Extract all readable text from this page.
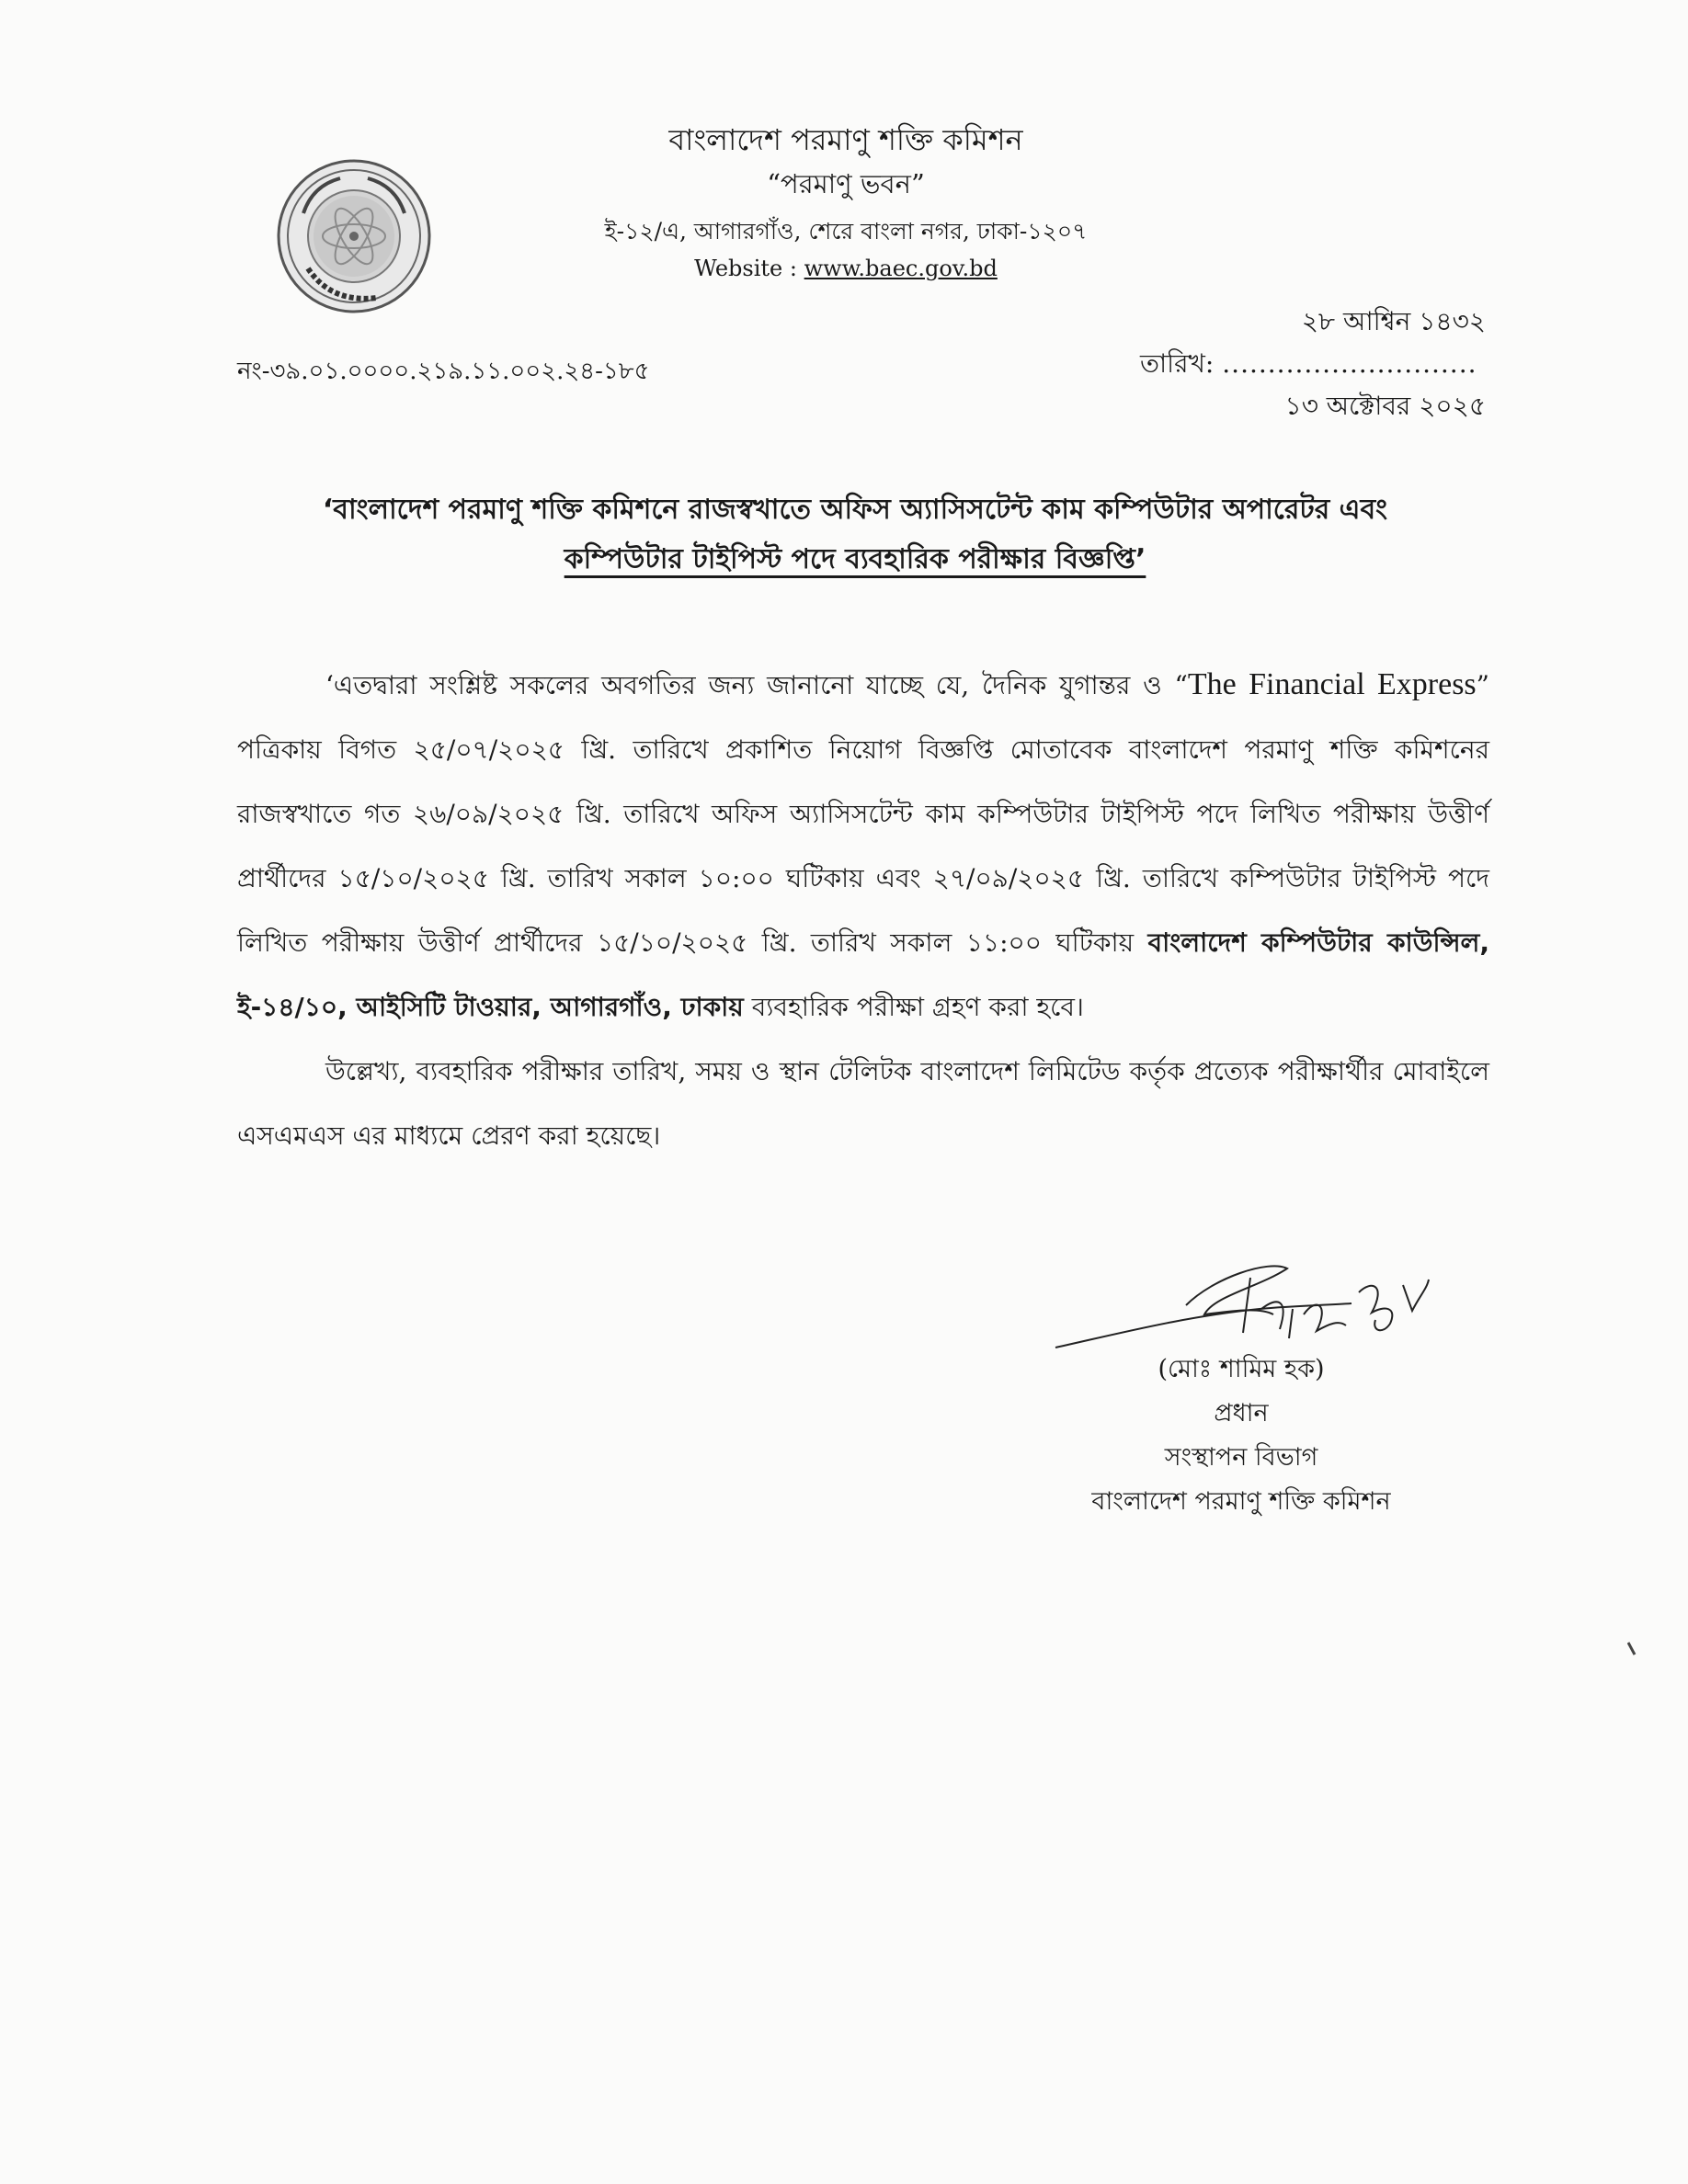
বাংলাদেশ পরমাণু শক্তি কমিশন

“পরমাণু ভবন”

ই-১২/এ, আগারগাঁও, শেরে বাংলা নগর, ঢাকা-১২০৭

Website : www.baec.gov.bd

নং-৩৯.০১.০০০০.২১৯.১১.০০২.২৪-১৮৫
২৮ আশ্বিন ১৪৩২
তারিখ: ............................
১৩ অক্টোবর ২০২৫
‘বাংলাদেশ পরমাণু শক্তি কমিশনে রাজস্বখাতে অফিস অ্যাসিসটেন্ট কাম কম্পিউটার অপারেটর এবং
কম্পিউটার টাইপিস্ট পদে ব্যবহারিক পরীক্ষার বিজ্ঞপ্তি’

‘এতদ্বারা সংশ্লিষ্ট সকলের অবগতির জন্য জানানো যাচ্ছে যে, দৈনিক যুগান্তর ও “The Financial Express” পত্রিকায় বিগত ২৫/০৭/২০২৫ খ্রি. তারিখে প্রকাশিত নিয়োগ বিজ্ঞপ্তি মোতাবেক বাংলাদেশ পরমাণু শক্তি কমিশনের রাজস্বখাতে গত ২৬/০৯/২০২৫ খ্রি. তারিখে অফিস অ্যাসিসটেন্ট কাম কম্পিউটার টাইপিস্ট পদে লিখিত পরীক্ষায় উত্তীর্ণ প্রার্থীদের ১৫/১০/২০২৫ খ্রি. তারিখ সকাল ১০:০০ ঘটিকায় এবং ২৭/০৯/২০২৫ খ্রি. তারিখে কম্পিউটার টাইপিস্ট পদে লিখিত পরীক্ষায় উত্তীর্ণ প্রার্থীদের ১৫/১০/২০২৫ খ্রি. তারিখ সকাল ১১:০০ ঘটিকায় বাংলাদেশ কম্পিউটার কাউন্সিল, ই-১৪/১০, আইসিটি টাওয়ার, আগারগাঁও, ঢাকায় ব্যবহারিক পরীক্ষা গ্রহণ করা হবে।

উল্লেখ্য, ব্যবহারিক পরীক্ষার তারিখ, সময় ও স্থান টেলিটক বাংলাদেশ লিমিটেড কর্তৃক প্রত্যেক পরীক্ষার্থীর মোবাইলে এসএমএস এর মাধ্যমে প্রেরণ করা হয়েছে।

(মোঃ শামিম হক)
প্রধান
সংস্থাপন বিভাগ
বাংলাদেশ পরমাণু শক্তি কমিশন
